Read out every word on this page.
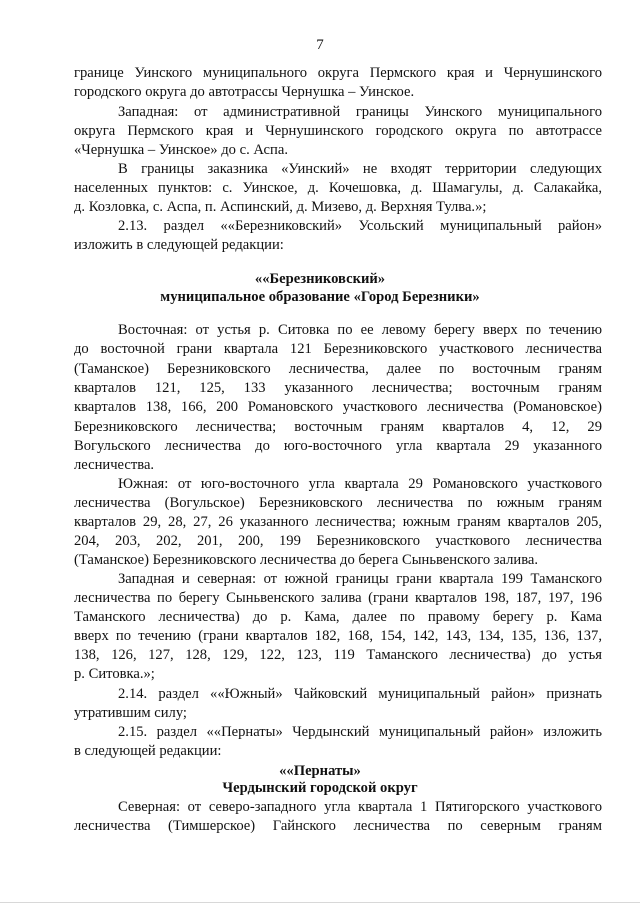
7
границе Уинского муниципального округа Пермского края и Чернушинского
городского округа до автотрассы Чернушка – Уинское.
Западная: от административной границы Уинского муниципального
округа Пермского края и Чернушинского городского округа по автотрассе
«Чернушка – Уинское» до с. Аспа.
В границы заказника «Уинский» не входят территории следующих
населенных пунктов: с. Уинское, д. Кочешовка, д. Шамагулы, д. Салакайка,
д. Козловка, с. Аспа, п. Аспинский, д. Мизево, д. Верхняя Тулва.»;
2.13. раздел ««Березниковский» Усольский муниципальный район»
изложить в следующей редакции:
««Березниковский»
муниципальное образование «Город Березники»
Восточная: от устья р. Ситовка по ее левому берегу вверх по течению
до восточной грани квартала 121 Березниковского участкового лесничества
(Таманское) Березниковского лесничества, далее по восточным граням
кварталов 121, 125, 133 указанного лесничества; восточным граням
кварталов 138, 166, 200 Романовского участкового лесничества (Романовское)
Березниковского лесничества; восточным граням кварталов 4, 12, 29
Вогульского лесничества до юго-восточного угла квартала 29 указанного
лесничества.
Южная: от юго-восточного угла квартала 29 Романовского участкового
лесничества (Вогульское) Березниковского лесничества по южным граням
кварталов 29, 28, 27, 26 указанного лесничества; южным граням кварталов 205,
204, 203, 202, 201, 200, 199 Березниковского участкового лесничества
(Таманское) Березниковского лесничества до берега Сыньвенского залива.
Западная и северная: от южной границы грани квартала 199 Таманского
лесничества по берегу Сыньвенского залива (грани кварталов 198, 187, 197, 196
Таманского лесничества) до р. Кама, далее по правому берегу р. Кама
вверх по течению (грани кварталов 182, 168, 154, 142, 143, 134, 135, 136, 137,
138, 126, 127, 128, 129, 122, 123, 119 Таманского лесничества) до устья
р. Ситовка.»;
2.14. раздел ««Южный» Чайковский муниципальный район» признать
утратившим силу;
2.15. раздел ««Пернаты» Чердынский муниципальный район» изложить
в следующей редакции:
««Пернаты»
Чердынский городской округ
Северная: от северо-западного угла квартала 1 Пятигорского участкового
лесничества (Тимшерское) Гайнского лесничества по северным граням
